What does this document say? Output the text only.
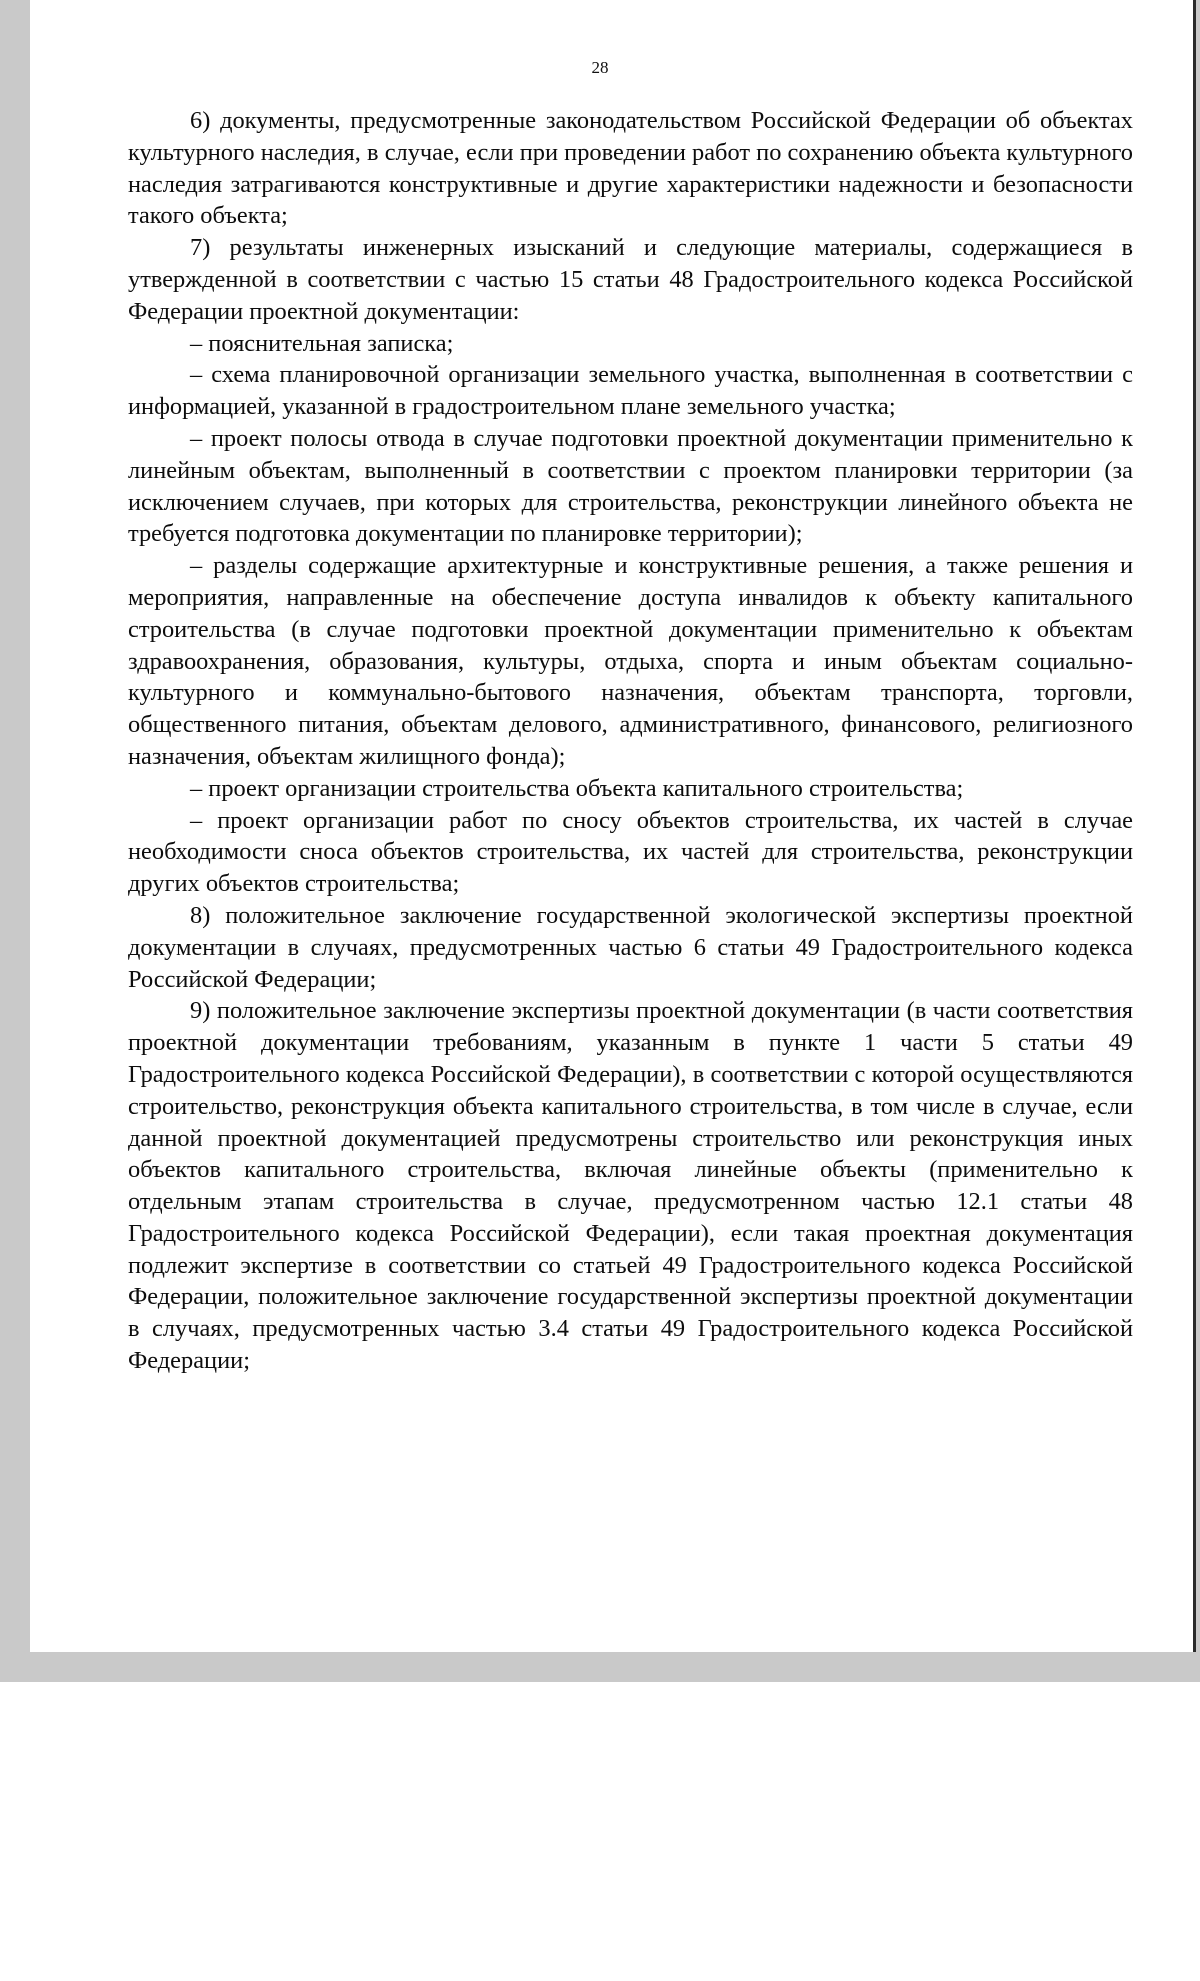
28

6) документы, предусмотренные законодательством Российской Федерации об объектах культурного наследия, в случае, если при проведении работ по сохранению объекта культурного наследия затрагиваются конструктивные и другие характеристики надежности и безопасности такого объекта;

7) результаты инженерных изысканий и следующие материалы, содержащиеся в утвержденной в соответствии с частью 15 статьи 48 Градостроительного кодекса Российской Федерации проектной документации:

– пояснительная записка;

– схема планировочной организации земельного участка, выполненная в соответствии с информацией, указанной в градостроительном плане земельного участка;

– проект полосы отвода в случае подготовки проектной документации применительно к линейным объектам, выполненный в соответствии с проектом планировки территории (за исключением случаев, при которых для строительства, реконструкции линейного объекта не требуется подготовка документации по планировке территории);

– разделы содержащие архитектурные и конструктивные решения, а также решения и мероприятия, направленные на обеспечение доступа инвалидов к объекту капитального строительства (в случае подготовки проектной документации применительно к объектам здравоохранения, образования, культуры, отдыха, спорта и иным объектам социально-культурного и коммунально-бытового назначения, объектам транспорта, торговли, общественного питания, объектам делового, административного, финансового, религиозного назначения, объектам жилищного фонда);

– проект организации строительства объекта капитального строительства;

– проект организации работ по сносу объектов строительства, их частей в случае необходимости сноса объектов строительства, их частей для строительства, реконструкции других объектов строительства;

8) положительное заключение государственной экологической экспертизы проектной документации в случаях, предусмотренных частью 6 статьи 49 Градостроительного кодекса Российской Федерации;

9) положительное заключение экспертизы проектной документации (в части соответствия проектной документации требованиям, указанным в пункте 1 части 5 статьи 49 Градостроительного кодекса Российской Федерации), в соответствии с которой осуществляются строительство, реконструкция объекта капитального строительства, в том числе в случае, если данной проектной документацией предусмотрены строительство или реконструкция иных объектов капитального строительства, включая линейные объекты (применительно к отдельным этапам строительства в случае, предусмотренном частью 12.1 статьи 48 Градостроительного кодекса Российской Федерации), если такая проектная документация подлежит экспертизе в соответствии со статьей 49 Градостроительного кодекса Российской Федерации, положительное заключение государственной экспертизы проектной документации в случаях, предусмотренных частью 3.4 статьи 49 Градостроительного кодекса Российской Федерации;
